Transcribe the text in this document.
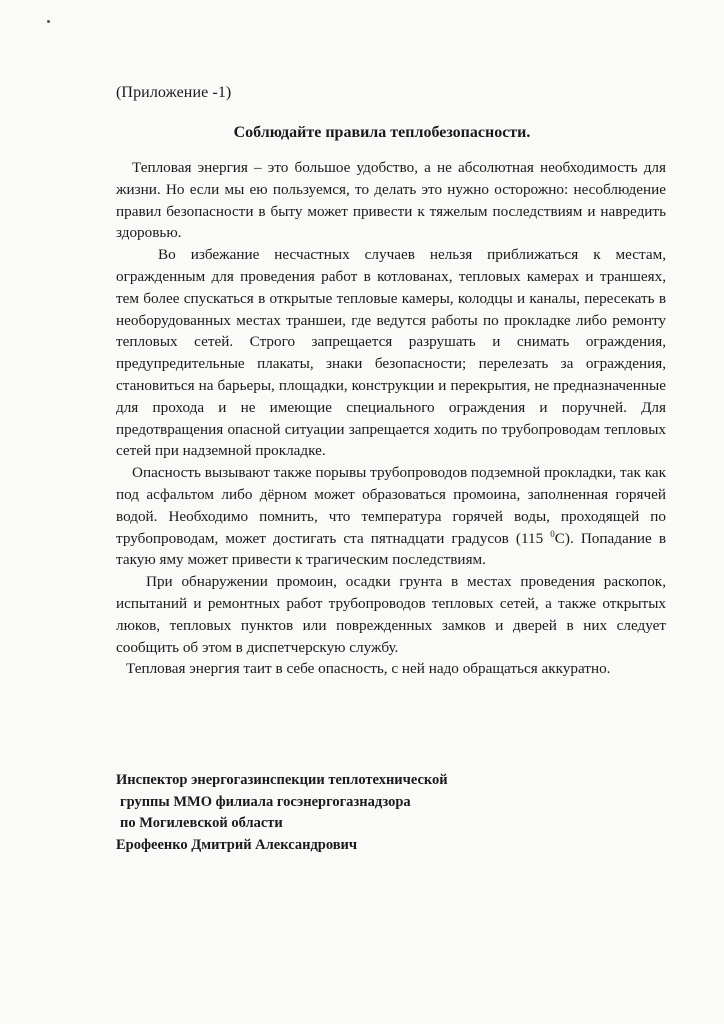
(Приложение -1)
Соблюдайте правила теплобезопасности.

Тепловая энергия – это большое удобство, а не абсолютная необходимость для жизни. Но если мы ею пользуемся, то делать это нужно осторожно: несоблюдение правил безопасности в быту может привести к тяжелым последствиям и навредить здоровью.

Во избежание несчастных случаев нельзя приближаться к местам, огражденным для проведения работ в котлованах, тепловых камерах и траншеях, тем более спускаться в открытые тепловые камеры, колодцы и каналы, пересекать в необорудованных местах траншеи, где ведутся работы по прокладке либо ремонту тепловых сетей. Строго запрещается разрушать и снимать ограждения, предупредительные плакаты, знаки безопасности; перелезать за ограждения, становиться на барьеры, площадки, конструкции и перекрытия, не предназначенные для прохода и не имеющие специального ограждения и поручней. Для предотвращения опасной ситуации запрещается ходить по трубопроводам тепловых сетей при надземной прокладке.

Опасность вызывают также порывы трубопроводов подземной прокладки, так как под асфальтом либо дёрном может образоваться промоина, заполненная горячей водой. Необходимо помнить, что температура горячей воды, проходящей по трубопроводам, может достигать ста пятнадцати градусов (115 $^0$С). Попадание в такую яму может привести к трагическим последствиям.

При обнаружении промоин, осадки грунта в местах проведения раскопок, испытаний и ремонтных работ трубопроводов тепловых сетей, а также открытых люков, тепловых пунктов или поврежденных замков и дверей в них следует сообщить об этом в диспетчерскую службу.

Тепловая энергия таит в себе опасность, с ней надо обращаться аккуратно.

Инспектор энергогазинспекции теплотехнической
группы ММО филиала госэнергогазнадзора
по Могилевской области
Ерофеенко Дмитрий Александрович
